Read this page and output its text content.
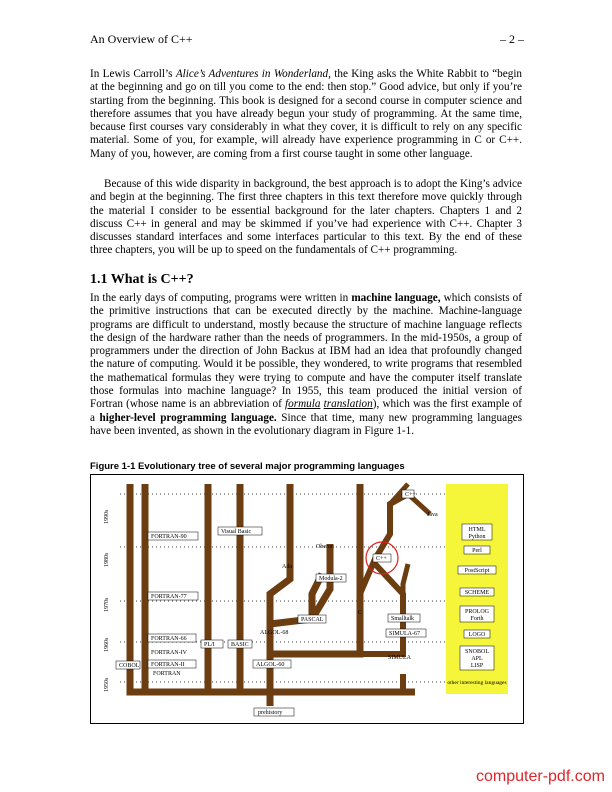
An Overview of C++	– 2 –

In Lewis Carroll’s Alice’s Adventures in Wonderland, the King asks the White Rabbit to “begin at the beginning and go on till you come to the end: then stop.” Good advice, but only if you’re starting from the beginning. This book is designed for a second course in computer science and therefore assumes that you have already begun your study of programming. At the same time, because first courses vary considerably in what they cover, it is difficult to rely on any specific material. Some of you, for example, will already have experience programming in C or C++. Many of you, however, are coming from a first course taught in some other language.

Because of this wide disparity in background, the best approach is to adopt the King’s advice and begin at the beginning. The first three chapters in this text therefore move quickly through the material I consider to be essential background for the later chapters. Chapters 1 and 2 discuss C++ in general and may be skimmed if you’ve had experience with C++. Chapter 3 discusses standard interfaces and some interfaces particular to this text. By the end of these three chapters, you will be up to speed on the fundamentals of C++ programming.

1.1 What is C++?

In the early days of computing, programs were written in machine language, which consists of the primitive instructions that can be executed directly by the machine. Machine-language programs are difficult to understand, mostly because the structure of machine language reflects the design of the hardware rather than the needs of programmers. In the mid-1950s, a group of programmers under the direction of John Backus at IBM had an idea that profoundly changed the nature of computing. Would it be possible, they wondered, to write programs that resembled the mathematical formulas they were trying to compute and have the computer itself translate those formulas into machine language? In 1955, this team produced the initial version of Fortran (whose name is an abbreviation of formula translation), which was the first example of a higher-level programming language. Since that time, many new programming languages have been invented, as shown in the evolutionary diagram in Figure 1-1.

Figure 1-1 Evolutionary tree of several major programming languages

1990s
1980s
1970s
1960s
1950s
C++
Java
FORTRAN-90
Visual Basic
Oberon
C++
Ada
Modula-2
FORTRAN-77
C
ALGOL-68
PASCAL	Smalltalk
SIMULA-67
FORTRAN-66
FORTRAN-IV
PL/I	BASIC
SIMULA
FORTRAN-II
FORTRAN
COBOL	ALGOL-60
prehistory
HTML
Python
Perl
PostScript
SCHEME
PROLOG
Forth
LOGO
SNOBOL
APL
LISP
other interesting languages
computer-pdf.com
